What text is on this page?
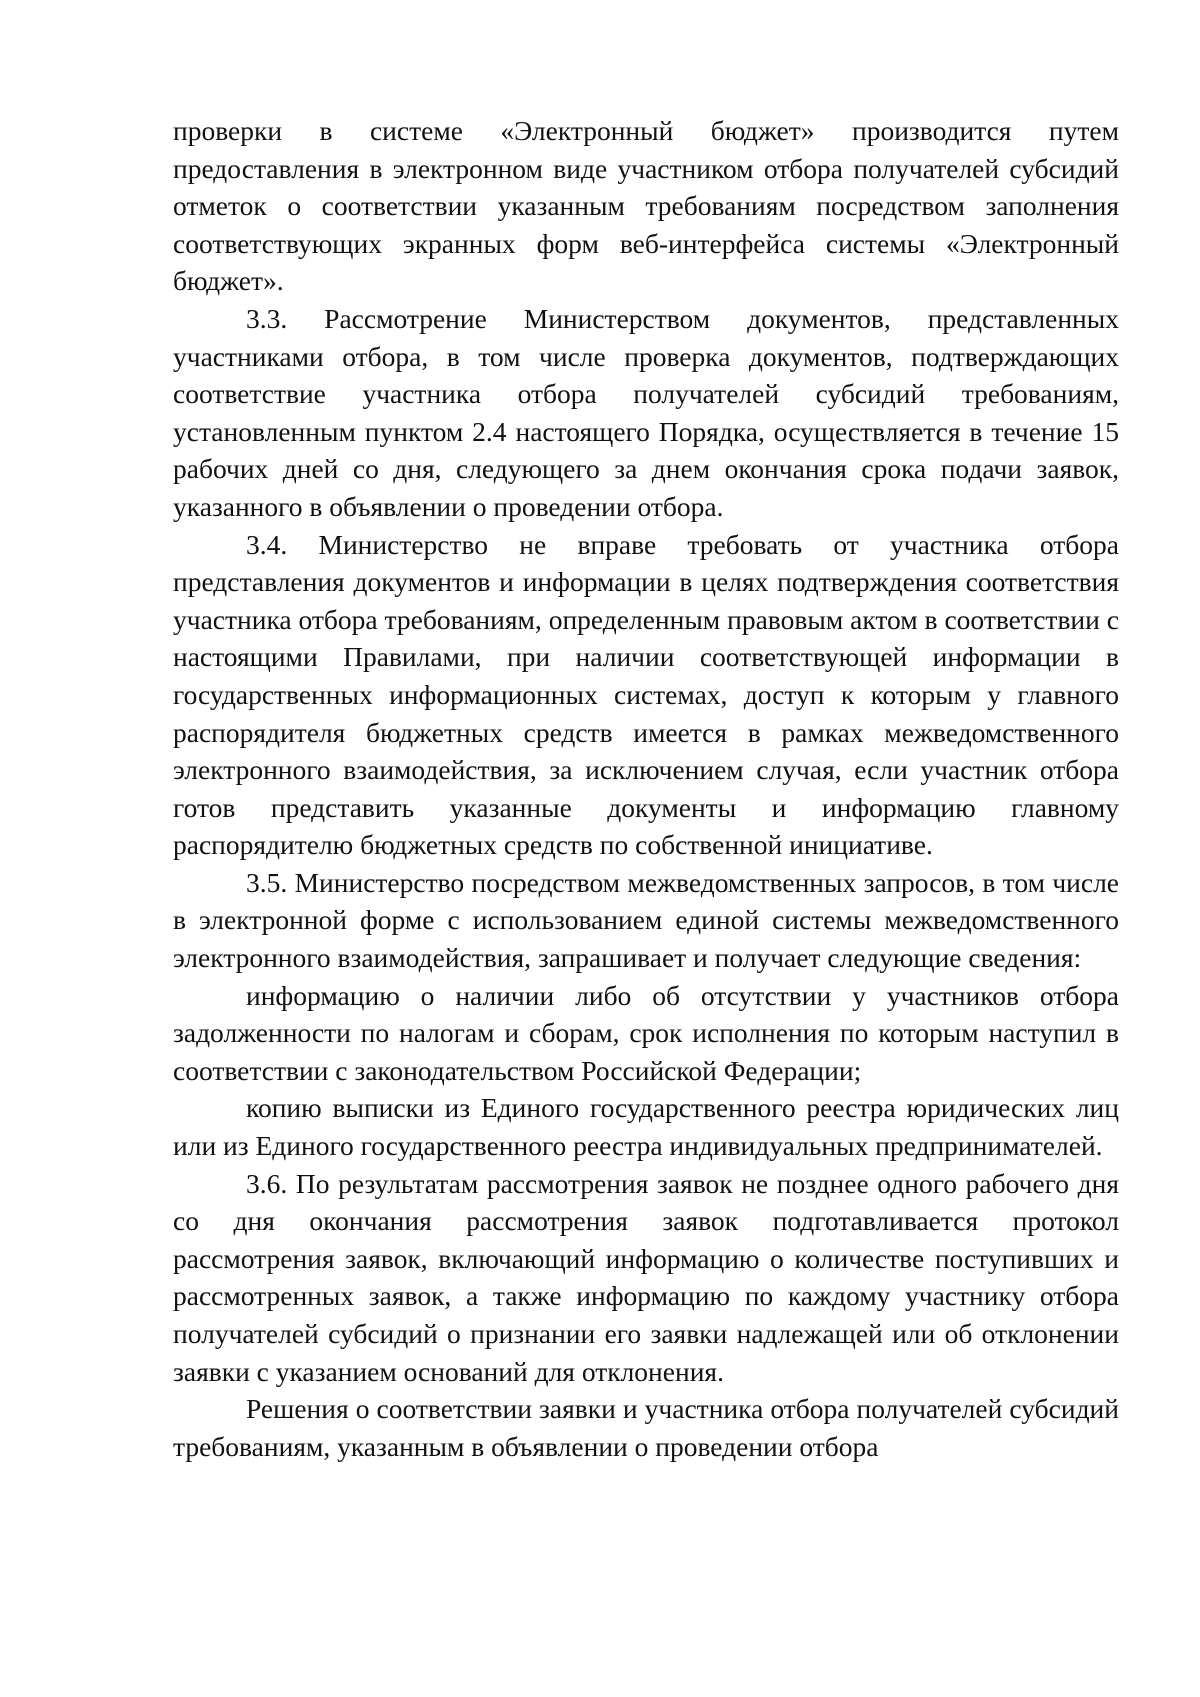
проверки в системе «Электронный бюджет» производится путем предоставления в электронном виде участником отбора получателей субсидий отметок о соответствии указанным требованиям посредством заполнения соответствующих экранных форм веб-интерфейса системы «Электронный бюджет».

3.3. Рассмотрение Министерством документов, представленных участниками отбора, в том числе проверка документов, подтверждающих соответствие участника отбора получателей субсидий требованиям, установленным пунктом 2.4 настоящего Порядка, осуществляется в течение 15 рабочих дней со дня, следующего за днем окончания срока подачи заявок, указанного в объявлении о проведении отбора.

3.4. Министерство не вправе требовать от участника отбора представления документов и информации в целях подтверждения соответствия участника отбора требованиям, определенным правовым актом в соответствии с настоящими Правилами, при наличии соответствующей информации в государственных информационных системах, доступ к которым у главного распорядителя бюджетных средств имеется в рамках межведомственного электронного взаимодействия, за исключением случая, если участник отбора готов представить указанные документы и информацию главному распорядителю бюджетных средств по собственной инициативе.

3.5. Министерство посредством межведомственных запросов, в том числе в электронной форме с использованием единой системы межведомственного электронного взаимодействия, запрашивает и получает следующие сведения:

информацию о наличии либо об отсутствии у участников отбора задолженности по налогам и сборам, срок исполнения по которым наступил в соответствии с законодательством Российской Федерации;

копию выписки из Единого государственного реестра юридических лиц или из Единого государственного реестра индивидуальных предпринимателей.

3.6. По результатам рассмотрения заявок не позднее одного рабочего дня со дня окончания рассмотрения заявок подготавливается протокол рассмотрения заявок, включающий информацию о количестве поступивших и рассмотренных заявок, а также информацию по каждому участнику отбора получателей субсидий о признании его заявки надлежащей или об отклонении заявки с указанием оснований для отклонения.

Решения о соответствии заявки и участника отбора получателей субсидий требованиям, указанным в объявлении о проведении отбора
